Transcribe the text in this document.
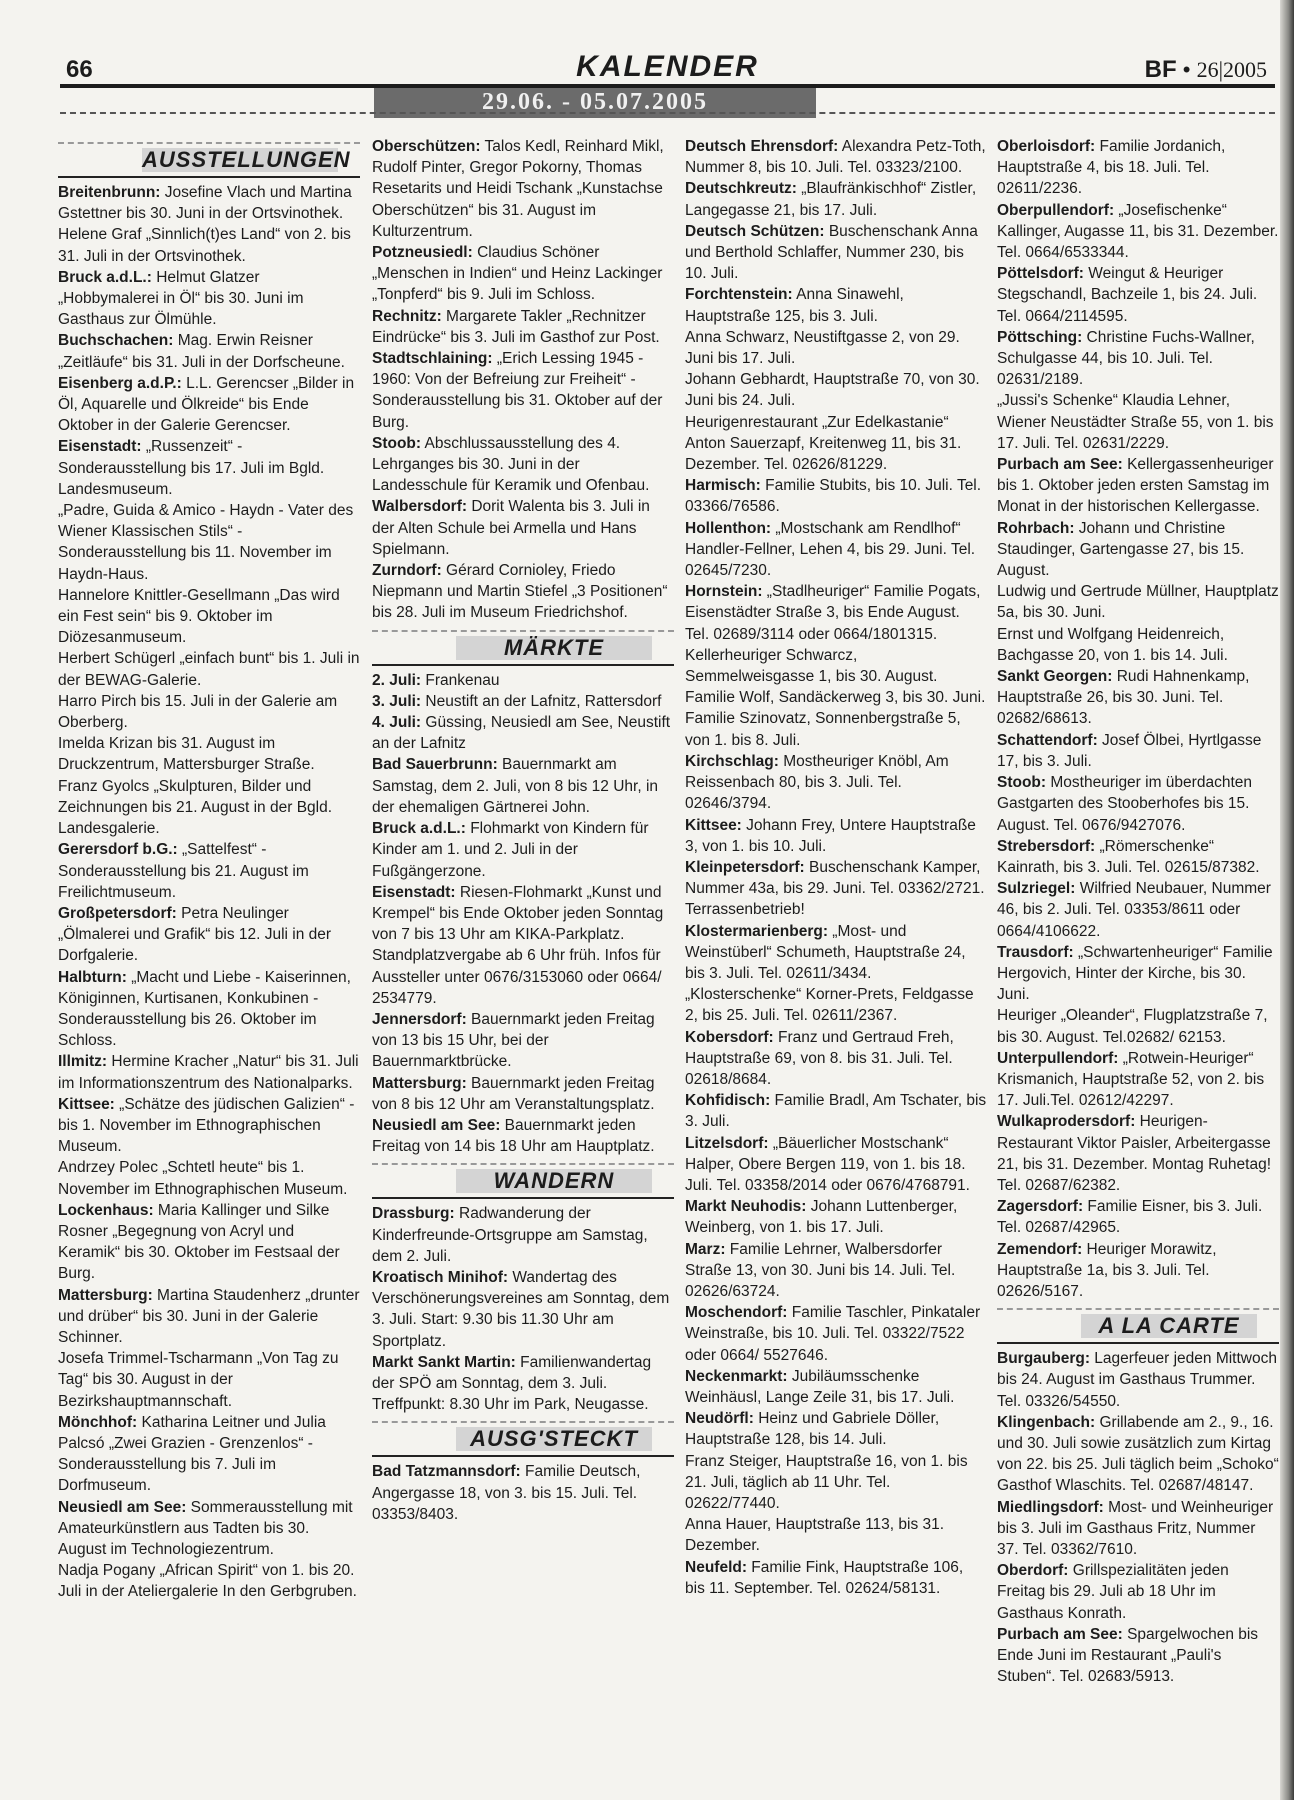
66	KALENDER
29.06. - 05.07.2005
BF • 26|2005
AUSSTELLUNGEN

Breitenbrunn: Josefine Vlach und Martina Gstettner bis 30. Juni in der Ortsvinothek.

Helene Graf „Sinnlich(t)es Land“ von 2. bis 31. Juli in der Ortsvinothek.

Bruck a.d.L.: Helmut Glatzer „Hobbymalerei in Öl“ bis 30. Juni im Gasthaus zur Ölmühle.

Buchschachen: Mag. Erwin Reisner „Zeitläufe“ bis 31. Juli in der Dorfscheune.

Eisenberg a.d.P.: L.L. Gerencser „Bilder in Öl, Aquarelle und Ölkreide“ bis Ende Oktober in der Galerie Gerencser.

Eisenstadt: „Russenzeit“ - Sonderausstellung bis 17. Juli im Bgld. Landesmuseum.

„Padre, Guida & Amico - Haydn - Vater des Wiener Klassischen Stils“ - Sonderausstellung bis 11. November im Haydn-Haus.

Hannelore Knittler-Gesellmann „Das wird ein Fest sein“ bis 9. Oktober im Diözesanmuseum.

Herbert Schügerl „einfach bunt“ bis 1. Juli in der BEWAG-Galerie.

Harro Pirch bis 15. Juli in der Galerie am Oberberg.

Imelda Krizan bis 31. August im Druckzentrum, Mattersburger Straße.

Franz Gyolcs „Skulpturen, Bilder und Zeichnungen bis 21. August in der Bgld. Landesgalerie.

Gerersdorf b.G.: „Sattelfest“ - Sonderausstellung bis 21. August im Freilichtmuseum.

Großpetersdorf: Petra Neulinger „Ölmalerei und Grafik“ bis 12. Juli in der Dorfgalerie.

Halbturn: „Macht und Liebe - Kaiserinnen, Königinnen, Kurtisanen, Konkubinen - Sonderausstellung bis 26. Oktober im Schloss.

Illmitz: Hermine Kracher „Natur“ bis 31. Juli im Informationszentrum des Nationalparks.

Kittsee: „Schätze des jüdischen Galizien“ - bis 1. November im Ethnographischen Museum.

Andrzey Polec „Schtetl heute“ bis 1. November im Ethnographischen Museum.

Lockenhaus: Maria Kallinger und Silke Rosner „Begegnung von Acryl und Keramik“ bis 30. Oktober im Festsaal der Burg.

Mattersburg: Martina Staudenherz „drunter und drüber“ bis 30. Juni in der Galerie Schinner.

Josefa Trimmel-Tscharmann „Von Tag zu Tag“ bis 30. August in der Bezirkshauptmannschaft.

Mönchhof: Katharina Leitner und Julia Palcsó „Zwei Grazien - Grenzenlos“ - Sonderausstellung bis 7. Juli im Dorfmuseum.

Neusiedl am See: Sommerausstellung mit Amateurkünstlern aus Tadten bis 30. August im Technologiezentrum.

Nadja Pogany „African Spirit“ von 1. bis 20. Juli in der Ateliergalerie In den Gerbgruben.

Oberschützen: Talos Kedl, Reinhard Mikl, Rudolf Pinter, Gregor Pokorny, Thomas Resetarits und Heidi Tschank „Kunstachse Oberschützen“ bis 31. August im Kulturzentrum.

Potzneusiedl: Claudius Schöner „Menschen in Indien“ und Heinz Lackinger „Tonpferd“ bis 9. Juli im Schloss.

Rechnitz: Margarete Takler „Rechnitzer Eindrücke“ bis 3. Juli im Gasthof zur Post.

Stadtschlaining: „Erich Lessing 1945 - 1960: Von der Befreiung zur Freiheit“ - Sonderausstellung bis 31. Oktober auf der Burg.

Stoob: Abschlussausstellung des 4. Lehrganges bis 30. Juni in der Landesschule für Keramik und Ofenbau.

Walbersdorf: Dorit Walenta bis 3. Juli in der Alten Schule bei Armella und Hans Spielmann.

Zurndorf: Gérard Cornioley, Friedo Niepmann und Martin Stiefel „3 Positionen“ bis 28. Juli im Museum Friedrichshof.

MÄRKTE

2. Juli: Frankenau

3. Juli: Neustift an der Lafnitz, Rattersdorf

4. Juli: Güssing, Neusiedl am See, Neustift an der Lafnitz

Bad Sauerbrunn: Bauernmarkt am Samstag, dem 2. Juli, von 8 bis 12 Uhr, in der ehemaligen Gärtnerei John.

Bruck a.d.L.: Flohmarkt von Kindern für Kinder am 1. und 2. Juli in der Fußgängerzone.

Eisenstadt: Riesen-Flohmarkt „Kunst und Krempel“ bis Ende Oktober jeden Sonntag von 7 bis 13 Uhr am KIKA-Parkplatz. Standplatzvergabe ab 6 Uhr früh. Infos für Aussteller unter 0676/3153060 oder 0664/ 2534779.

Jennersdorf: Bauernmarkt jeden Freitag von 13 bis 15 Uhr, bei der Bauernmarktbrücke.

Mattersburg: Bauernmarkt jeden Freitag von 8 bis 12 Uhr am Veranstaltungsplatz.

Neusiedl am See: Bauernmarkt jeden Freitag von 14 bis 18 Uhr am Hauptplatz.

WANDERN

Drassburg: Radwanderung der Kinderfreunde-Ortsgruppe am Samstag, dem 2. Juli.

Kroatisch Minihof: Wandertag des Verschönerungsvereines am Sonntag, dem 3. Juli. Start: 9.30 bis 11.30 Uhr am Sportplatz.

Markt Sankt Martin: Familienwandertag der SPÖ am Sonntag, dem 3. Juli. Treffpunkt: 8.30 Uhr im Park, Neugasse.

AUSG'STECKT

Bad Tatzmannsdorf: Familie Deutsch, Angergasse 18, von 3. bis 15. Juli. Tel. 03353/8403.

Deutsch Ehrensdorf: Alexandra Petz-Toth, Nummer 8, bis 10. Juli. Tel. 03323/2100.

Deutschkreutz: „Blaufränkischhof“ Zistler, Langegasse 21, bis 17. Juli.

Deutsch Schützen: Buschenschank Anna und Berthold Schlaffer, Nummer 230, bis 10. Juli.

Forchtenstein: Anna Sinawehl, Hauptstraße 125, bis 3. Juli.

Anna Schwarz, Neustiftgasse 2, von 29. Juni bis 17. Juli.

Johann Gebhardt, Hauptstraße 70, von 30. Juni bis 24. Juli.

Heurigenrestaurant „Zur Edelkastanie“ Anton Sauerzapf, Kreitenweg 11, bis 31. Dezember. Tel. 02626/81229.

Harmisch: Familie Stubits, bis 10. Juli. Tel. 03366/76586.

Hollenthon: „Mostschank am Rendlhof“ Handler-Fellner, Lehen 4, bis 29. Juni. Tel. 02645/7230.

Hornstein: „Stadlheuriger“ Familie Pogats, Eisenstädter Straße 3, bis Ende August. Tel. 02689/3114 oder 0664/1801315.

Kellerheuriger Schwarcz, Semmelweisgasse 1, bis 30. August.

Familie Wolf, Sandäckerweg 3, bis 30. Juni.

Familie Szinovatz, Sonnenbergstraße 5, von 1. bis 8. Juli.

Kirchschlag: Mostheuriger Knöbl, Am Reissenbach 80, bis 3. Juli. Tel. 02646/3794.

Kittsee: Johann Frey, Untere Hauptstraße 3, von 1. bis 10. Juli.

Kleinpetersdorf: Buschenschank Kamper, Nummer 43a, bis 29. Juni. Tel. 03362/2721. Terrassenbetrieb!

Klostermarienberg: „Most- und Weinstüberl“ Schumeth, Hauptstraße 24, bis 3. Juli. Tel. 02611/3434.

„Klosterschenke“ Korner-Prets, Feldgasse 2, bis 25. Juli. Tel. 02611/2367.

Kobersdorf: Franz und Gertraud Freh, Hauptstraße 69, von 8. bis 31. Juli. Tel. 02618/8684.

Kohfidisch: Familie Bradl, Am Tschater, bis 3. Juli.

Litzelsdorf: „Bäuerlicher Mostschank“ Halper, Obere Bergen 119, von 1. bis 18. Juli. Tel. 03358/2014 oder 0676/4768791.

Markt Neuhodis: Johann Luttenberger, Weinberg, von 1. bis 17. Juli.

Marz: Familie Lehrner, Walbersdorfer Straße 13, von 30. Juni bis 14. Juli. Tel. 02626/63724.

Moschendorf: Familie Taschler, Pinkataler Weinstraße, bis 10. Juli. Tel. 03322/7522 oder 0664/ 5527646.

Neckenmarkt: Jubiläumsschenke Weinhäusl, Lange Zeile 31, bis 17. Juli.

Neudörfl: Heinz und Gabriele Döller, Hauptstraße 128, bis 14. Juli.

Franz Steiger, Hauptstraße 16, von 1. bis 21. Juli, täglich ab 11 Uhr. Tel. 02622/77440.

Anna Hauer, Hauptstraße 113, bis 31. Dezember.

Neufeld: Familie Fink, Hauptstraße 106, bis 11. September. Tel. 02624/58131.

Oberloisdorf: Familie Jordanich, Hauptstraße 4, bis 18. Juli. Tel. 02611/2236.

Oberpullendorf: „Josefischenke“ Kallinger, Augasse 11, bis 31. Dezember. Tel. 0664/6533344.

Pöttelsdorf: Weingut & Heuriger Stegschandl, Bachzeile 1, bis 24. Juli. Tel. 0664/2114595.

Pöttsching: Christine Fuchs-Wallner, Schulgasse 44, bis 10. Juli. Tel. 02631/2189.

„Jussi's Schenke“ Klaudia Lehner, Wiener Neustädter Straße 55, von 1. bis 17. Juli. Tel. 02631/2229.

Purbach am See: Kellergassenheuriger bis 1. Oktober jeden ersten Samstag im Monat in der historischen Kellergasse.

Rohrbach: Johann und Christine Staudinger, Gartengasse 27, bis 15. August.

Ludwig und Gertrude Müllner, Hauptplatz 5a, bis 30. Juni.

Ernst und Wolfgang Heidenreich, Bachgasse 20, von 1. bis 14. Juli.

Sankt Georgen: Rudi Hahnenkamp, Hauptstraße 26, bis 30. Juni. Tel. 02682/68613.

Schattendorf: Josef Ölbei, Hyrtlgasse 17, bis 3. Juli.

Stoob: Mostheuriger im überdachten Gastgarten des Stooberhofes bis 15. August. Tel. 0676/9427076.

Strebersdorf: „Römerschenke“ Kainrath, bis 3. Juli. Tel. 02615/87382.

Sulzriegel: Wilfried Neubauer, Nummer 46, bis 2. Juli. Tel. 03353/8611 oder 0664/4106622.

Trausdorf: „Schwartenheuriger“ Familie Hergovich, Hinter der Kirche, bis 30. Juni.

Heuriger „Oleander“, Flugplatzstraße 7, bis 30. August. Tel.02682/ 62153.

Unterpullendorf: „Rotwein-Heuriger“ Krismanich, Hauptstraße 52, von 2. bis 17. Juli.Tel. 02612/42297.

Wulkaprodersdorf: Heurigen-Restaurant Viktor Paisler, Arbeitergasse 21, bis 31. Dezember. Montag Ruhetag! Tel. 02687/62382.

Zagersdorf: Familie Eisner, bis 3. Juli. Tel. 02687/42965.

Zemendorf: Heuriger Morawitz, Hauptstraße 1a, bis 3. Juli. Tel. 02626/5167.

A LA CARTE

Burgauberg: Lagerfeuer jeden Mittwoch bis 24. August im Gasthaus Trummer. Tel. 03326/54550.

Klingenbach: Grillabende am 2., 9., 16. und 30. Juli sowie zusätzlich zum Kirtag von 22. bis 25. Juli täglich beim „Schoko“ Gasthof Wlaschits. Tel. 02687/48147.

Miedlingsdorf: Most- und Weinheuriger bis 3. Juli im Gasthaus Fritz, Nummer 37. Tel. 03362/7610.

Oberdorf: Grillspezialitäten jeden Freitag bis 29. Juli ab 18 Uhr im Gasthaus Konrath.

Purbach am See: Spargelwochen bis Ende Juni im Restaurant „Pauli's Stuben“. Tel. 02683/5913.
